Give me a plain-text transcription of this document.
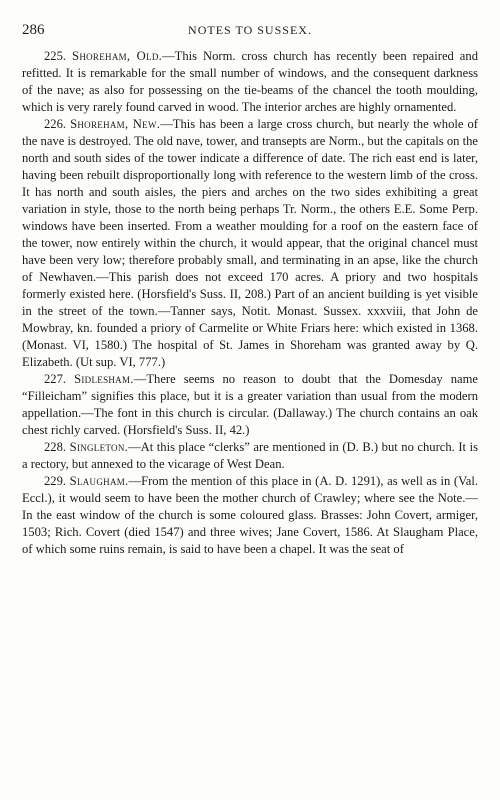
286	NOTES TO SUSSEX.

225. Shoreham, Old.—This Norm. cross church has recently been repaired and refitted. It is remarkable for the small number of windows, and the consequent darkness of the nave; as also for possessing on the tie-beams of the chancel the tooth moulding, which is very rarely found carved in wood. The interior arches are highly ornamented.

226. Shoreham, New.—This has been a large cross church, but nearly the whole of the nave is destroyed. The old nave, tower, and transepts are Norm., but the capitals on the north and south sides of the tower indicate a difference of date. The rich east end is later, having been rebuilt disproportionally long with reference to the western limb of the cross. It has north and south aisles, the piers and arches on the two sides exhibiting a great variation in style, those to the north being perhaps Tr. Norm., the others E.E. Some Perp. windows have been inserted. From a weather moulding for a roof on the eastern face of the tower, now entirely within the church, it would appear, that the original chancel must have been very low; therefore probably small, and terminating in an apse, like the church of Newhaven.—This parish does not exceed 170 acres. A priory and two hospitals formerly existed here. (Horsfield's Suss. II, 208.) Part of an ancient building is yet visible in the street of the town.—Tanner says, Notit. Monast. Sussex. xxxviii, that John de Mowbray, kn. founded a priory of Carmelite or White Friars here: which existed in 1368. (Monast. VI, 1580.) The hospital of St. James in Shoreham was granted away by Q. Elizabeth. (Ut sup. VI, 777.)

227. Sidlesham.—There seems no reason to doubt that the Domesday name “Filleicham” signifies this place, but it is a greater variation than usual from the modern appellation.—The font in this church is circular. (Dallaway.) The church contains an oak chest richly carved. (Horsfield's Suss. II, 42.)

228. Singleton.—At this place “clerks” are mentioned in (D. B.) but no church. It is a rectory, but annexed to the vicarage of West Dean.

229. Slaugham.—From the mention of this place in (A. D. 1291), as well as in (Val. Eccl.), it would seem to have been the mother church of Crawley; where see the Note.—In the east window of the church is some coloured glass. Brasses: John Covert, armiger, 1503; Rich. Covert (died 1547) and three wives; Jane Covert, 1586. At Slaugham Place, of which some ruins remain, is said to have been a chapel. It was the seat of
